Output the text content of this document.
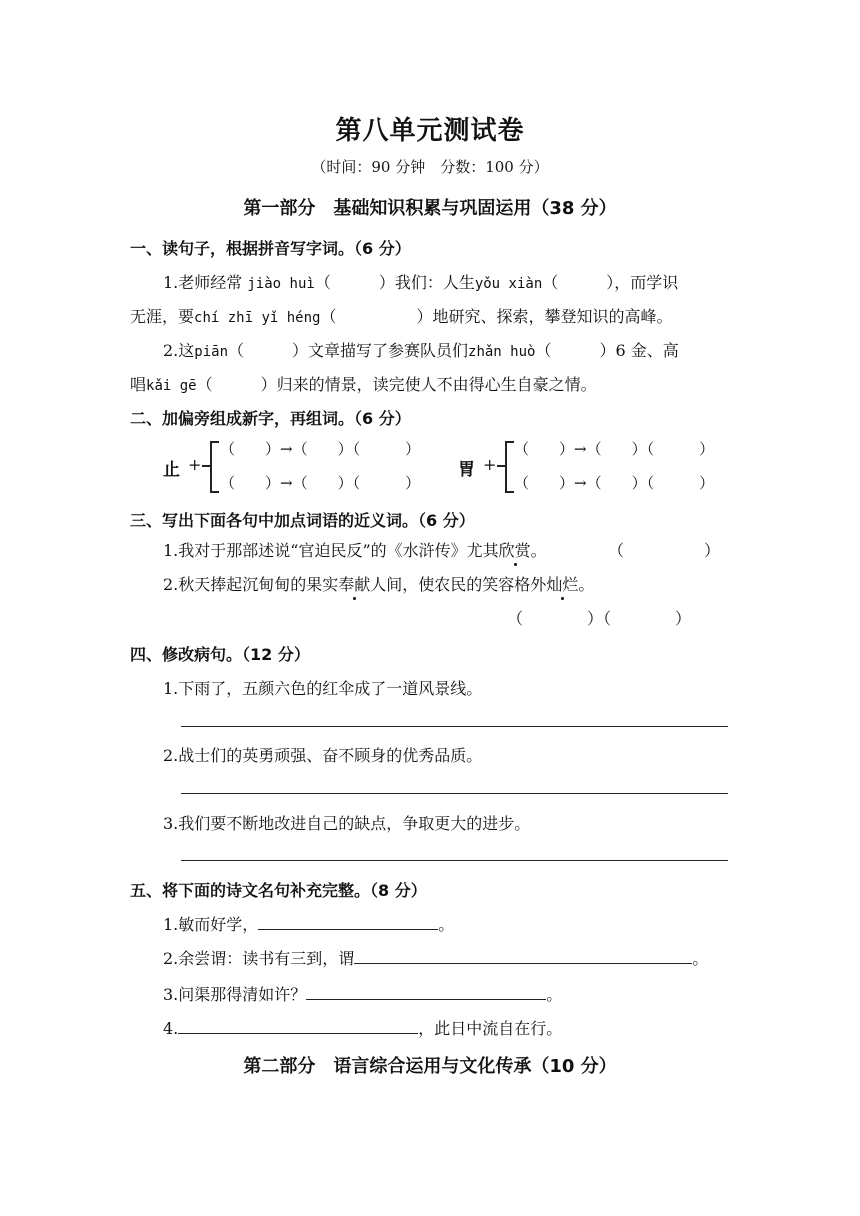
第八单元测试卷
（时间：90 分钟　分数：100 分）
第一部分　基础知识积累与巩固运用（38 分）
一、读句子，根据拼音写字词。（6 分）
1.老师经常 jiào huì（　　　）我们：人生yǒu xiàn（　　　），而学识
无涯，要chí zhī yǐ héng（　　　　　）地研究、探索，攀登知识的高峰。
2.这piān（　　　）文章描写了参赛队员们zhǎn huò（　　　）6 金、高
唱kǎi gē（　　　）归来的情景，读完使人不由得心生自豪之情。
二、加偏旁组成新字，再组词。（6 分）
止 +
（　　）→（　　）（　　　）
（　　）→（　　）（　　　）
胃 +
（　　）→（　　）（　　　）
（　　）→（　　）（　　　）
三、写出下面各句中加点词语的近义词。（6 分）
1.我对于那部述说“官迫民反”的《水浒传》尤其欣赏。	（　　　　　）
2.秋天捧起沉甸甸的果实奉献人间，使农民的笑容格外灿烂。
（　　　　）（　　　　）
四、修改病句。（12 分）
1.下雨了，五颜六色的红伞成了一道风景线。
2.战士们的英勇顽强、奋不顾身的优秀品质。
3.我们要不断地改进自己的缺点，争取更大的进步。
五、将下面的诗文名句补充完整。（8 分）
1.敏而好学，	。
2.余尝谓：读书有三到，谓	。
3.问渠那得清如许？	。
4.	，此日中流自在行。
第二部分　语言综合运用与文化传承（10 分）
